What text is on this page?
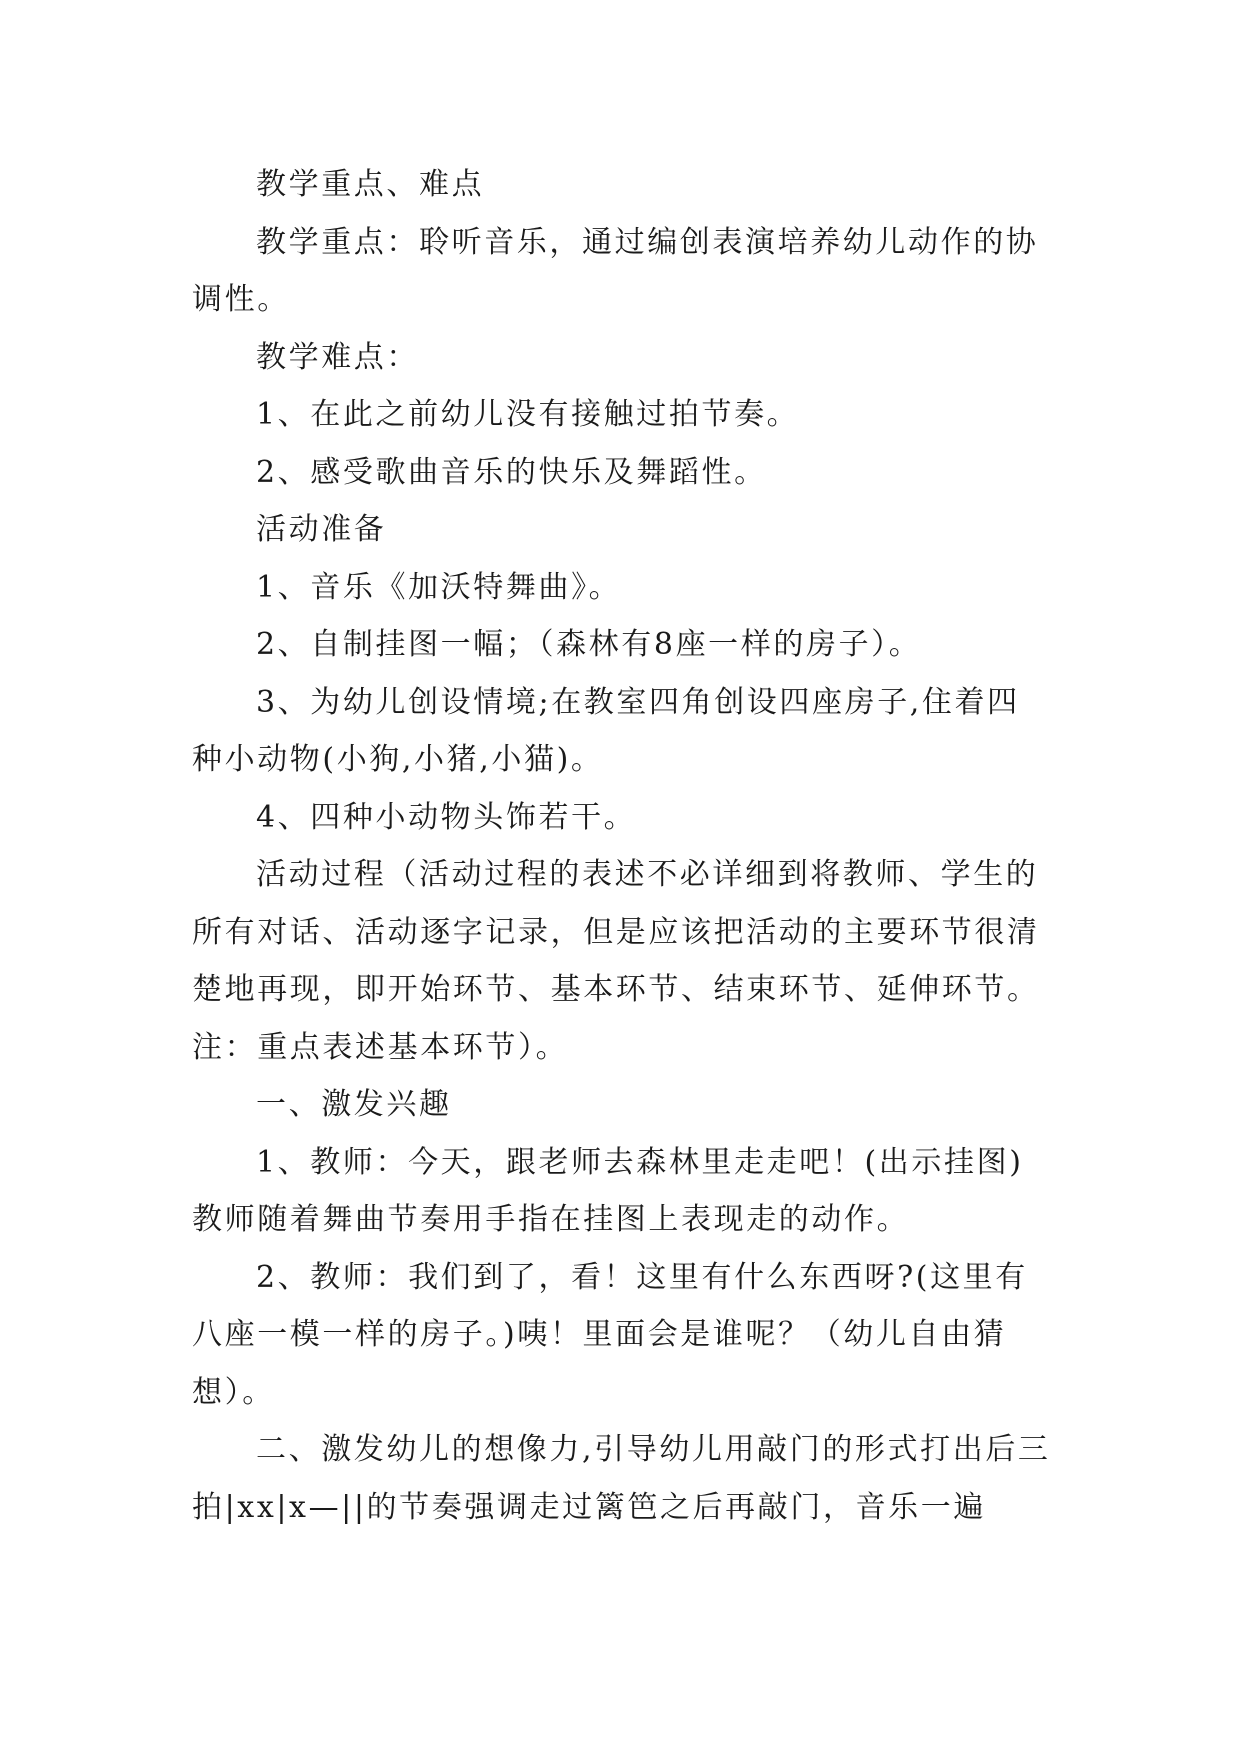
教学重点、难点

教学重点：聆听音乐，通过编创表演培养幼儿动作的协调性。

教学难点：

1、在此之前幼儿没有接触过拍节奏。

2、感受歌曲音乐的快乐及舞蹈性。

活动准备

1、音乐《加沃特舞曲》。

2、自制挂图一幅；（森林有8座一样的房子）。

3、为幼儿创设情境;在教室四角创设四座房子,住着四种小动物(小狗,小猪,小猫)。

4、四种小动物头饰若干。

活动过程（活动过程的表述不必详细到将教师、学生的所有对话、活动逐字记录，但是应该把活动的主要环节很清楚地再现，即开始环节、基本环节、结束环节、延伸环节。注：重点表述基本环节）。

一、激发兴趣

1、教师：今天，跟老师去森林里走走吧！(出示挂图)教师随着舞曲节奏用手指在挂图上表现走的动作。

2、教师：我们到了，看！这里有什么东西呀?(这里有八座一模一样的房子。)咦！里面会是谁呢？（幼儿自由猜想）。

二、激发幼儿的想像力,引导幼儿用敲门的形式打出后三拍|xx|x—||的节奏强调走过篱笆之后再敲门，音乐一遍
